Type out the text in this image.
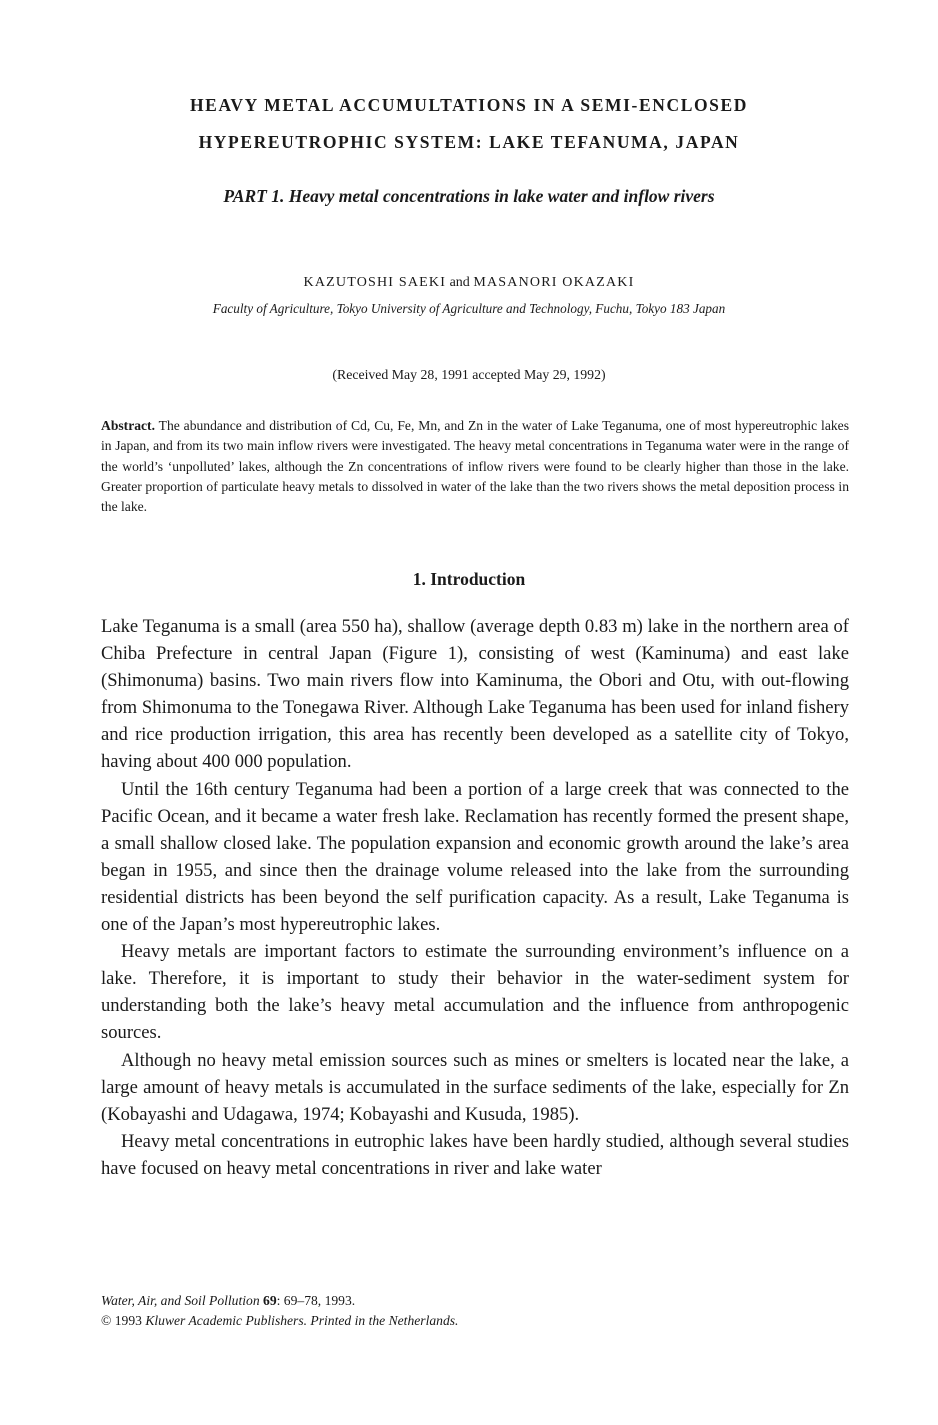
HEAVY METAL ACCUMULTATIONS IN A SEMI-ENCLOSED
HYPEREUTROPHIC SYSTEM: LAKE TEFANUMA, JAPAN
PART 1. Heavy metal concentrations in lake water and inflow rivers
KAZUTOSHI SAEKI and MASANORI OKAZAKI
Faculty of Agriculture, Tokyo University of Agriculture and Technology, Fuchu, Tokyo 183 Japan
(Received May 28, 1991 accepted May 29, 1992)

Abstract. The abundance and distribution of Cd, Cu, Fe, Mn, and Zn in the water of Lake Teganuma, one of most hypereutrophic lakes in Japan, and from its two main inflow rivers were investigated. The heavy metal concentrations in Teganuma water were in the range of the world’s ‘unpolluted’ lakes, although the Zn concentrations of inflow rivers were found to be clearly higher than those in the lake. Greater proportion of particulate heavy metals to dissolved in water of the lake than the two rivers shows the metal deposition process in the lake.

1. Introduction

Lake Teganuma is a small (area 550 ha), shallow (average depth 0.83 m) lake in the northern area of Chiba Prefecture in central Japan (Figure 1), consisting of west (Kaminuma) and east lake (Shimonuma) basins. Two main rivers flow into Kaminuma, the Obori and Otu, with out-flowing from Shimonuma to the Tonegawa River. Although Lake Teganuma has been used for inland fishery and rice production irrigation, this area has recently been developed as a satellite city of Tokyo, having about 400 000 population.

Until the 16th century Teganuma had been a portion of a large creek that was connected to the Pacific Ocean, and it became a water fresh lake. Reclamation has recently formed the present shape, a small shallow closed lake. The population expansion and economic growth around the lake’s area began in 1955, and since then the drainage volume released into the lake from the surrounding residential districts has been beyond the self purification capacity. As a result, Lake Teganuma is one of the Japan’s most hypereutrophic lakes.

Heavy metals are important factors to estimate the surrounding environment’s influence on a lake. Therefore, it is important to study their behavior in the water-sediment system for understanding both the lake’s heavy metal accumulation and the influence from anthropogenic sources.

Although no heavy metal emission sources such as mines or smelters is located near the lake, a large amount of heavy metals is accumulated in the surface sediments of the lake, especially for Zn (Kobayashi and Udagawa, 1974; Kobayashi and Kusuda, 1985).

Heavy metal concentrations in eutrophic lakes have been hardly studied, although several studies have focused on heavy metal concentrations in river and lake water

Water, Air, and Soil Pollution 69: 69–78, 1993.
© 1993 Kluwer Academic Publishers. Printed in the Netherlands.
